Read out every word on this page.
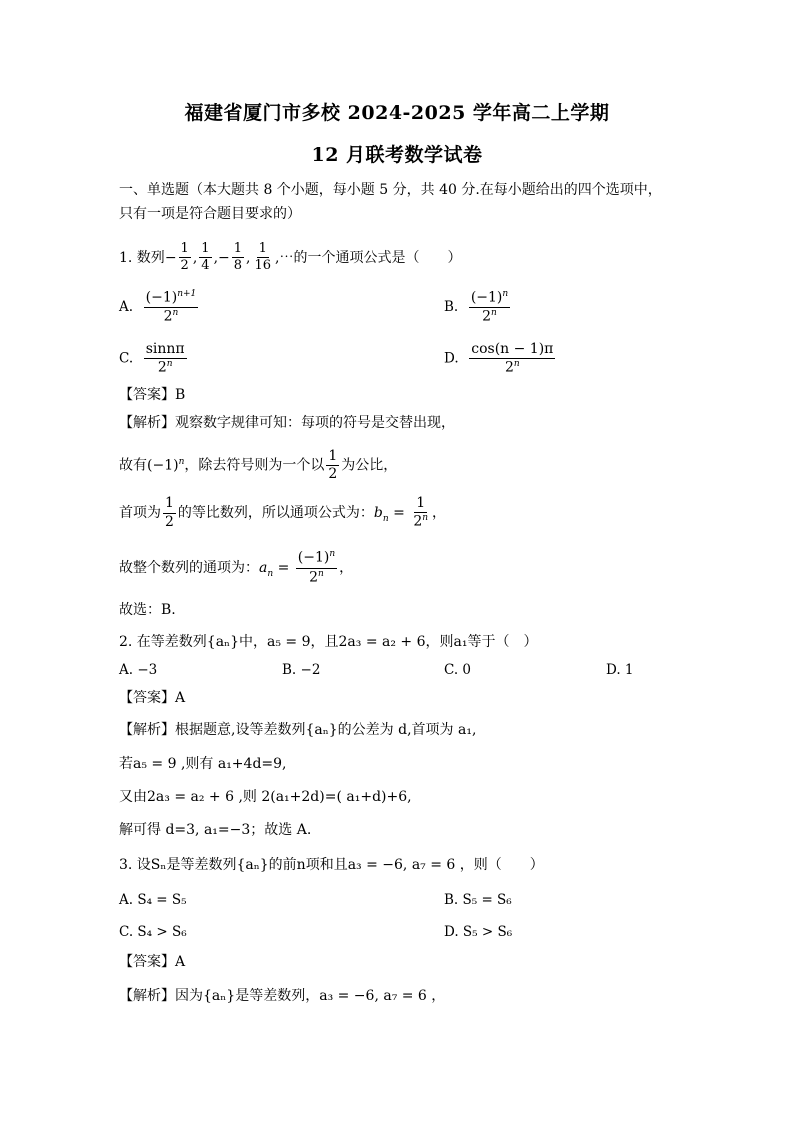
福建省厦门市多校 2024-2025 学年高二上学期
12 月联考数学试卷
一、单选题（本大题共 8 个小题，每小题 5 分，共 40 分.在每小题给出的四个选项中，
只有一项是符合题目要求的）
1. 数列− $\frac{1}{2}$ , $\frac{1}{4}$ ,− $\frac{1}{8}$ , $\frac{1}{16}$ ,⋯的一个通项公式是（　　）
A. $\frac{(-1)^{n+1}}{2^n}$	B. $\frac{(-1)^n}{2^n}$
C. $\frac{\sin n\pi}{2^n}$	D. $\frac{\cos(n - 1)\pi}{2^n}$
【答案】B
【解析】观察数字规律可知：每项的符号是交替出现，
故有$(-1)^n$，除去符号则为一个以 $\frac{1}{2}$ 为公比，
首项为 $\frac{1}{2}$ 的等比数列，所以通项公式为：$b_n = \frac{1}{2^n}$ ，
故整个数列的通项为：$a_n = \frac{(-1)^n}{2^n}$ ，
故选：B.
2. 在等差数列{aₙ}中，a₅ = 9，且2a₃ = a₂ + 6，则a₁等于（　）
A. −3	B. −2	C. 0	D. 1
【答案】A
【解析】根据题意,设等差数列{aₙ}的公差为 d,首项为 a₁,
若a₅ = 9 ,则有 a₁+4d=9,
又由2a₃ = a₂ + 6 ,则 2(a₁+2d)=( a₁+d)+6,
解可得 d=3, a₁=−3；故选 A.
3. 设Sₙ是等差数列{aₙ}的前n项和且a₃ = −6, a₇ = 6 ，则（　　）
A. S₄ = S₅	B. S₅ = S₆
C. S₄ > S₆	D. S₅ > S₆
【答案】A
【解析】因为{aₙ}是等差数列，a₃ = −6, a₇ = 6 ，
